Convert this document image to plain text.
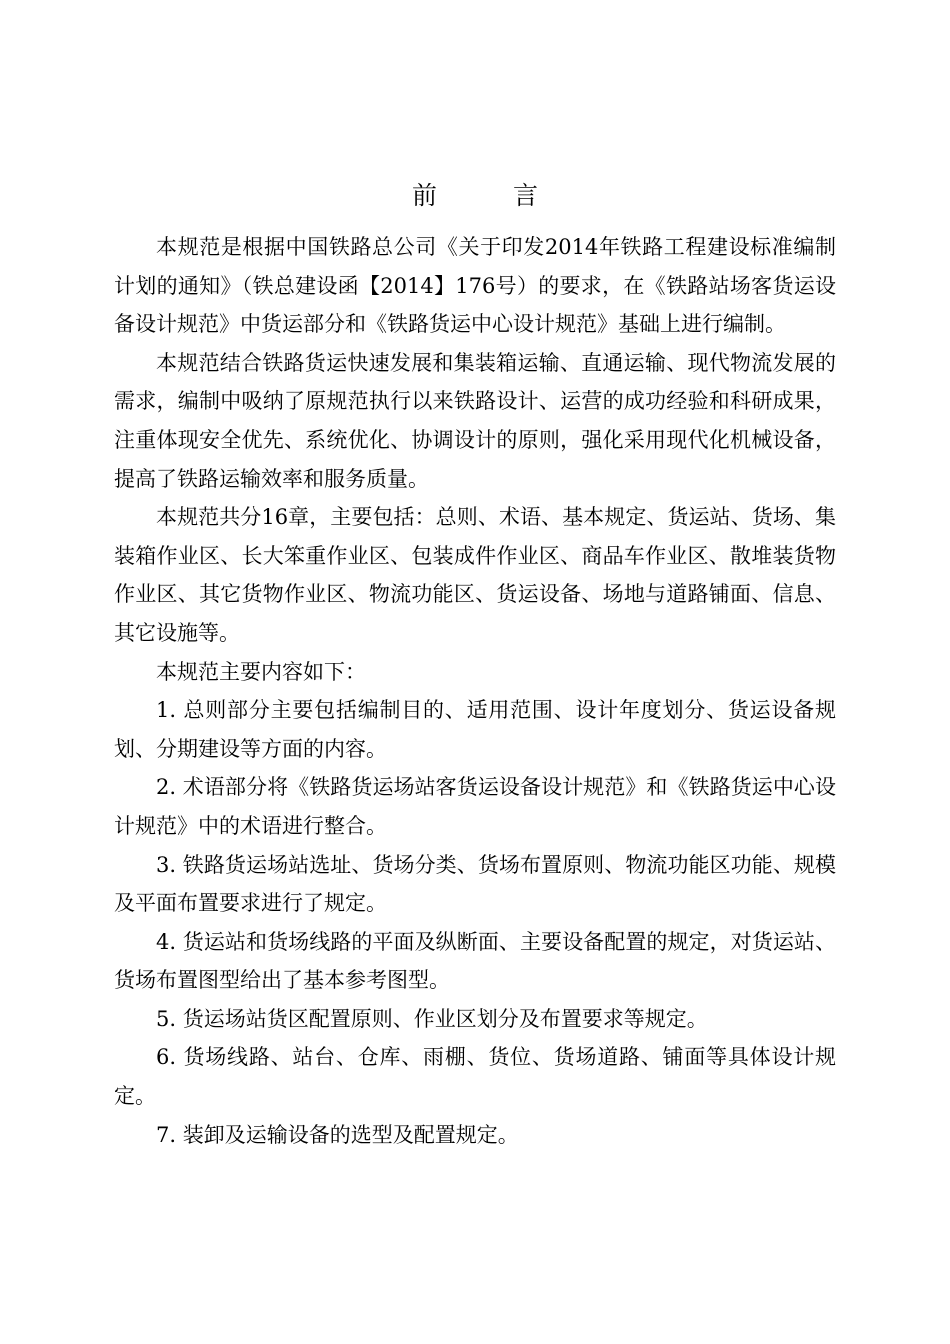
前 言

本规范是根据中国铁路总公司《关于印发2014年铁路工程建设标准编制计划的通知》（铁总建设函【2014】176号）的要求，在《铁路站场客货运设备设计规范》中货运部分和《铁路货运中心设计规范》基础上进行编制。

本规范结合铁路货运快速发展和集装箱运输、直通运输、现代物流发展的需求，编制中吸纳了原规范执行以来铁路设计、运营的成功经验和科研成果，注重体现安全优先、系统优化、协调设计的原则，强化采用现代化机械设备，提高了铁路运输效率和服务质量。

本规范共分16章，主要包括：总则、术语、基本规定、货运站、货场、集装箱作业区、长大笨重作业区、包装成件作业区、商品车作业区、散堆装货物作业区、其它货物作业区、物流功能区、货运设备、场地与道路铺面、信息、其它设施等。

本规范主要内容如下：

1. 总则部分主要包括编制目的、适用范围、设计年度划分、货运设备规划、分期建设等方面的内容。

2. 术语部分将《铁路货运场站客货运设备设计规范》和《铁路货运中心设计规范》中的术语进行整合。

3. 铁路货运场站选址、货场分类、货场布置原则、物流功能区功能、规模及平面布置要求进行了规定。

4. 货运站和货场线路的平面及纵断面、主要设备配置的规定，对货运站、货场布置图型给出了基本参考图型。

5. 货运场站货区配置原则、作业区划分及布置要求等规定。

6. 货场线路、站台、仓库、雨棚、货位、货场道路、铺面等具体设计规定。

7. 装卸及运输设备的选型及配置规定。
